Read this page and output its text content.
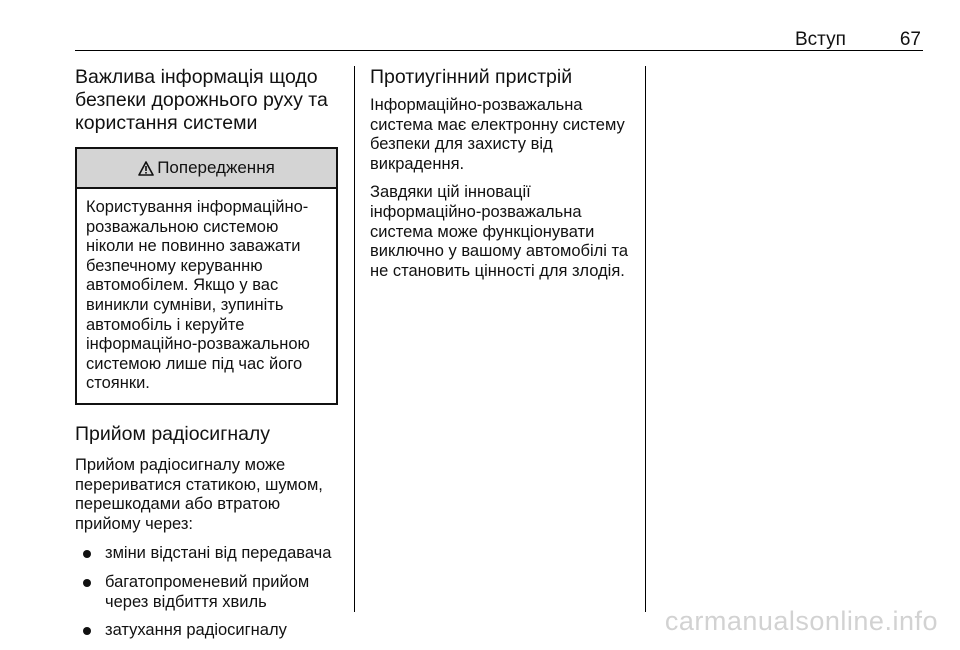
Вступ	67
Важлива інформація щодо
безпеки дорожнього руху та
користання системи
Попередження
Користування інформаційно-розважальною системою ніколи не повинно заважати безпечному керуванню автомобілем. Якщо у вас виникли сумніви, зупиніть автомобіль і керуйте інформаційно-розважальною системою лише під час його стоянки.
Прийом радіосигналу

Прийом радіосигналу може перериватися статикою, шумом, перешкодами або втратою прийому через:

зміни відстані від передавача
багатопроменевий прийом через відбиття хвиль
затухання радіосигналу
Протиугінний пристрій

Інформаційно-розважальна система має електронну систему безпеки для захисту від викрадення.

Завдяки цій інновації інформаційно-розважальна система може функціонувати виключно у вашому автомобілі та не становить цінності для злодія.

carmanualsonline.info
